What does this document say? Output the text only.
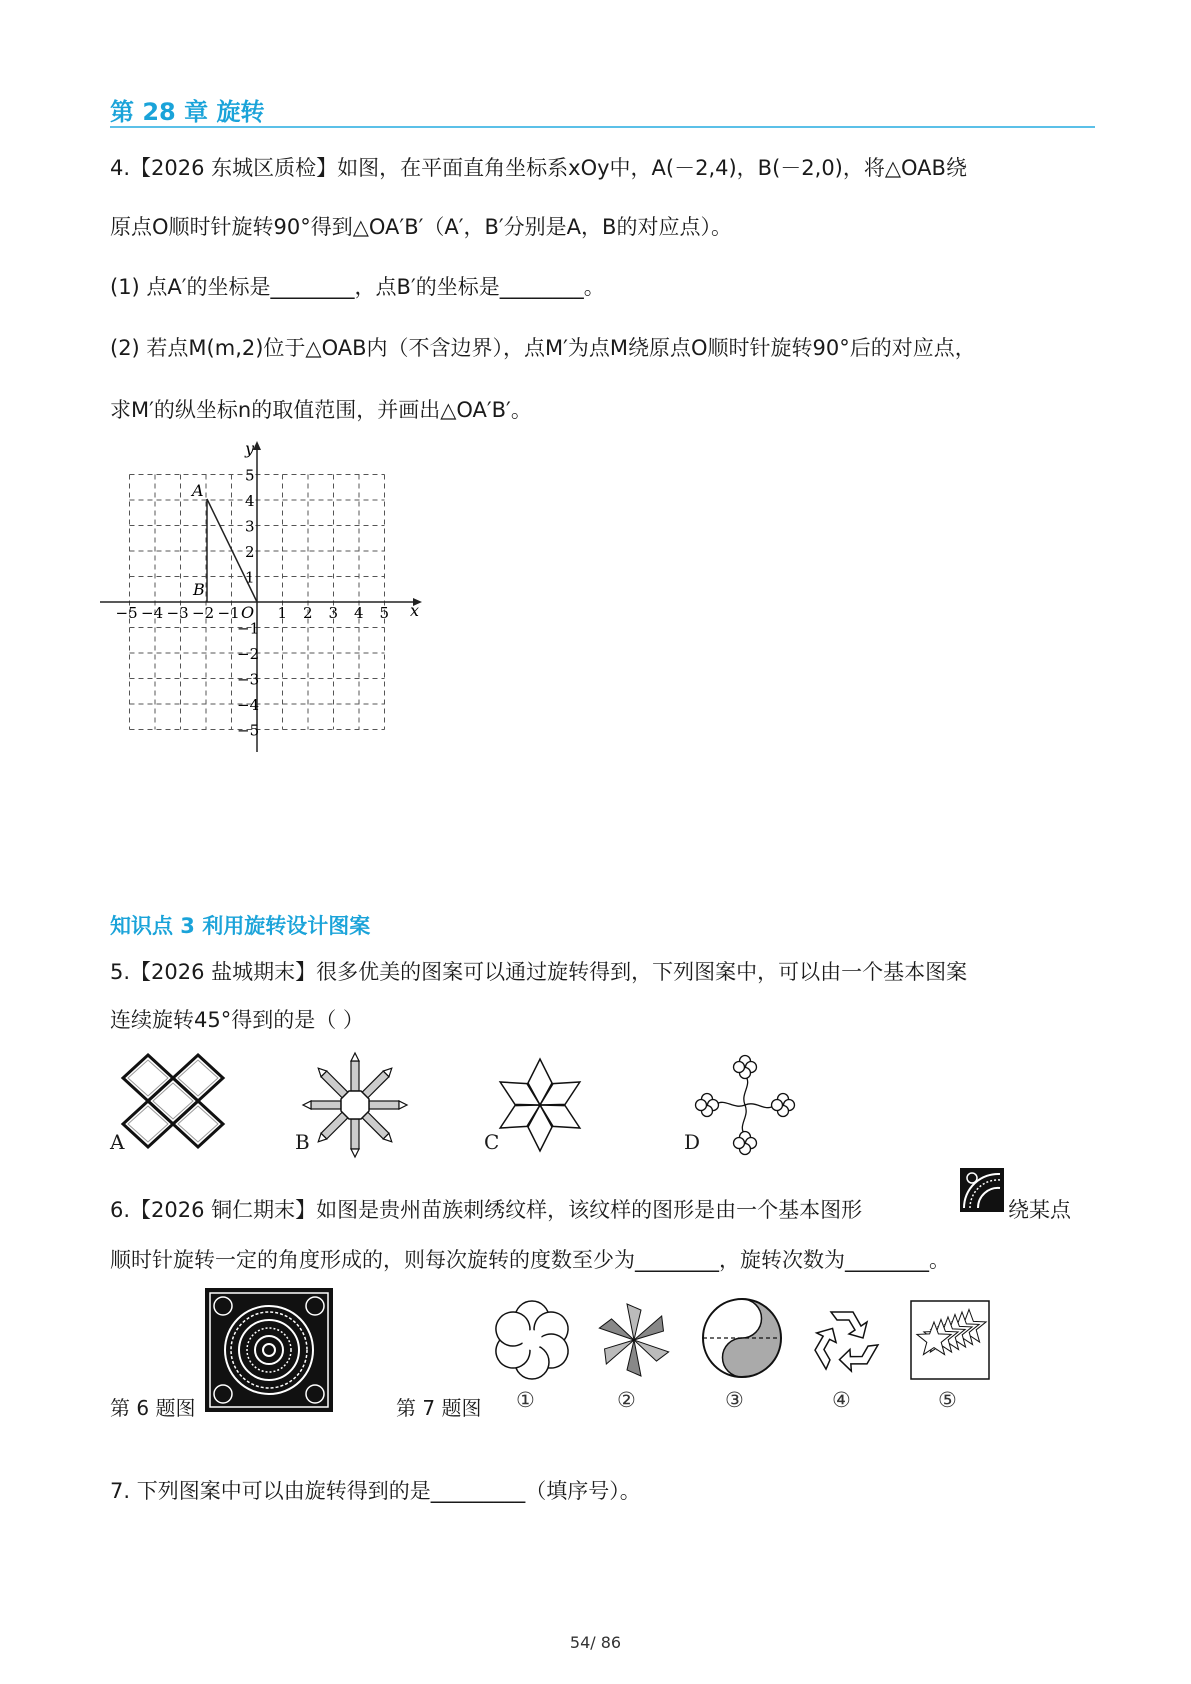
第 28 章 旋转
4.【2026 东城区质检】如图，在平面直角坐标系xOy中，A(－2,4)，B(－2,0)，将△OAB绕
原点O顺时针旋转90°得到△OA′B′（A′，B′分别是A，B的对应点）。
(1) 点A′的坐标是________，点B′的坐标是________。
(2) 若点M(m,2)位于△OAB内（不含边界），点M′为点M绕原点O顺时针旋转90°后的对应点，
求M′的纵坐标n的取值范围，并画出△OA′B′。
x
y
O
A
B
−5 −4 −3 −2 −1	1 2 3 4 5
5
4
3
2
1
−1
−2
−3
−4
−5
知识点 3 利用旋转设计图案
5.【2026 盐城期末】很多优美的图案可以通过旋转得到，下列图案中，可以由一个基本图案
连续旋转45°得到的是（ ）
A	B	C	D
6.【2026 铜仁期末】如图是贵州苗族刺绣纹样，该纹样的图形是由一个基本图形	绕某点
顺时针旋转一定的角度形成的，则每次旋转的度数至少为________，旋转次数为________。
第 6 题图	第 7 题图 ①	②	③	④	⑤
7. 下列图案中可以由旋转得到的是_________（填序号）。
54/ 86
